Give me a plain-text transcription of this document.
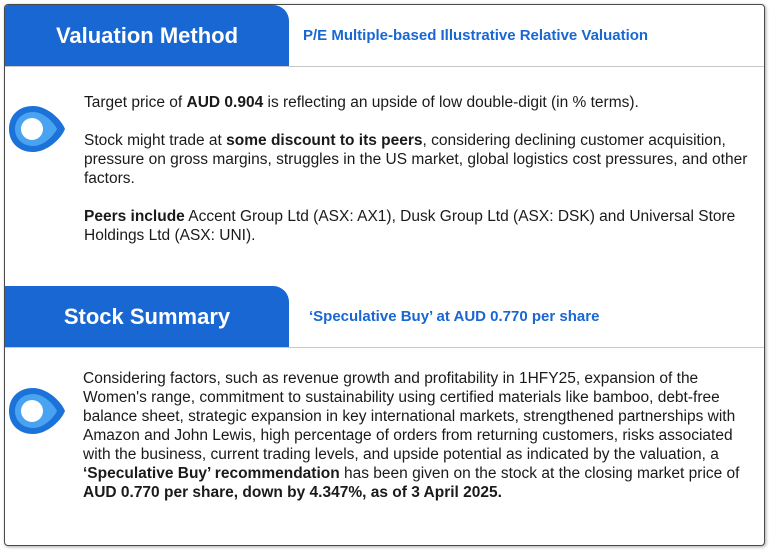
Valuation Method	P/E Multiple-based Illustrative Relative Valuation
Target price of AUD 0.904 is reflecting an upside of low double-digit (in % terms).
Stock might trade at some discount to its peers, considering declining customer acquisition, pressure on gross margins, struggles in the US market, global logistics cost pressures, and other factors.
Peers include Accent Group Ltd (ASX: AX1), Dusk Group Ltd (ASX: DSK) and Universal Store Holdings Ltd (ASX: UNI).
Stock Summary	‘Speculative Buy’ at AUD 0.770 per share
Considering factors, such as revenue growth and profitability in 1HFY25, expansion of the Women's range, commitment to sustainability using certified materials like bamboo, debt-free balance sheet, strategic expansion in key international markets, strengthened partnerships with Amazon and John Lewis, high percentage of orders from returning customers, risks associated with the business, current trading levels, and upside potential as indicated by the valuation, a ‘Speculative Buy’ recommendation has been given on the stock at the closing market price of AUD 0.770 per share, down by 4.347%, as of 3 April 2025.
